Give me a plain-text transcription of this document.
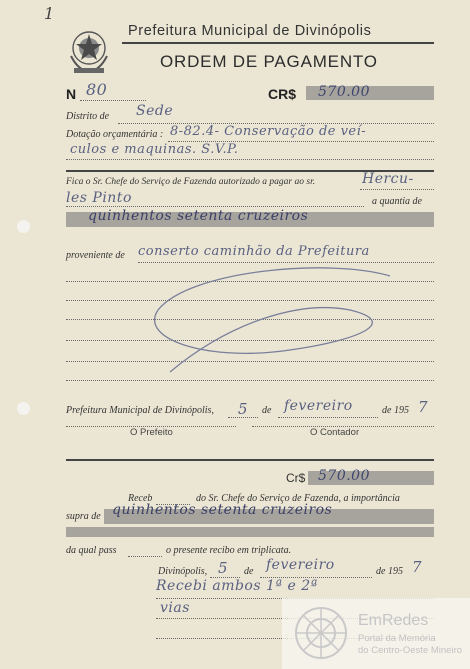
1
Prefeitura Municipal de Divinópolis
ORDEM DE PAGAMENTO
N 80	CR$ 570.00
Distrito de Sede
Dotação orçamentária : 8-82.4- Conservação de veí-
culos e maquinas. S.V.P.
Fica o Sr. Chefe do Serviço de Fazenda autorizado a pagar ao sr.	Hercu-
les Pinto	a quantia de
quinhentos setenta cruzeiros
proveniente de conserto caminhão da Prefeitura
Prefeitura Municipal de Divinópolis, 5 de fevereiro	de 195 7
O Prefeito	O Contador
Cr$ 570.00
Receb	do Sr. Chefe do Serviço de Fazenda, a importância
supra de quinhentos setenta cruzeiros
da qual pass	o presente recibo em triplicata.
Divinópolis, 5 de fevereiro	de 195 7
Recebi ambos 1ª e 2ª
vias
EmRedes
Portal da Memória
do Centro-Oeste Mineiro
